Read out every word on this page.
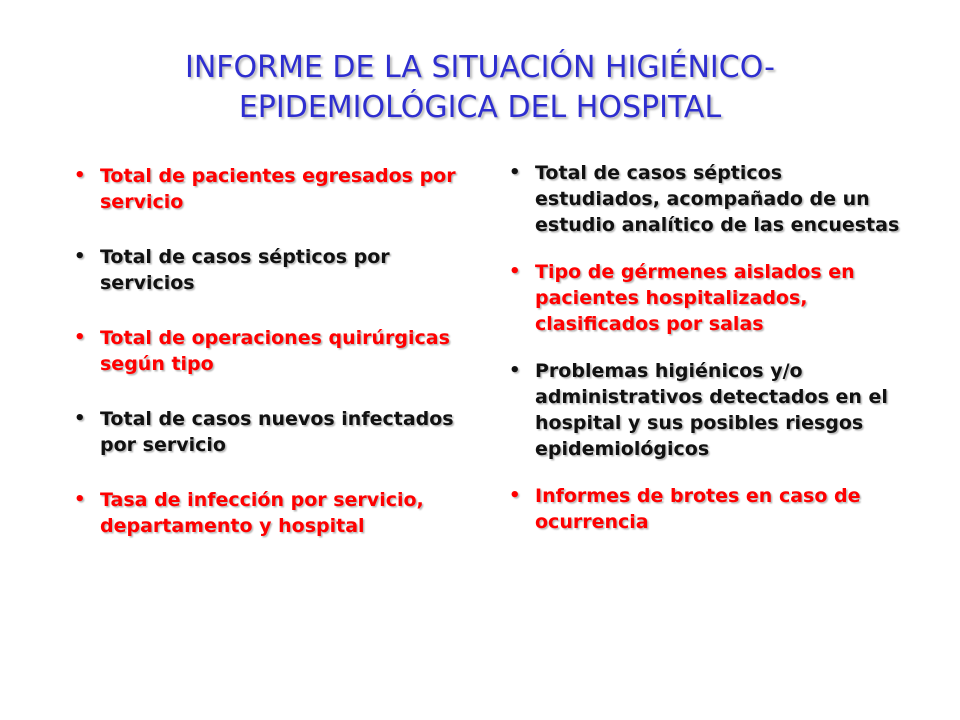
INFORME DE LA SITUACIÓN HIGIÉNICO-
EPIDEMIOLÓGICA DEL HOSPITAL
• Total de pacientes egresados por servicio
• Total de casos sépticos por servicios
• Total de operaciones quirúrgicas según tipo
• Total de casos nuevos infectados por servicio
• Tasa de infección por servicio, departamento y hospital
• Total de casos sépticos estudiados, acompañado de un estudio analítico de las encuestas
• Tipo de gérmenes aislados en pacientes hospitalizados, clasificados por salas
• Problemas higiénicos y/o administrativos detectados en el hospital y sus posibles riesgos epidemiológicos
• Informes de brotes en caso de ocurrencia
